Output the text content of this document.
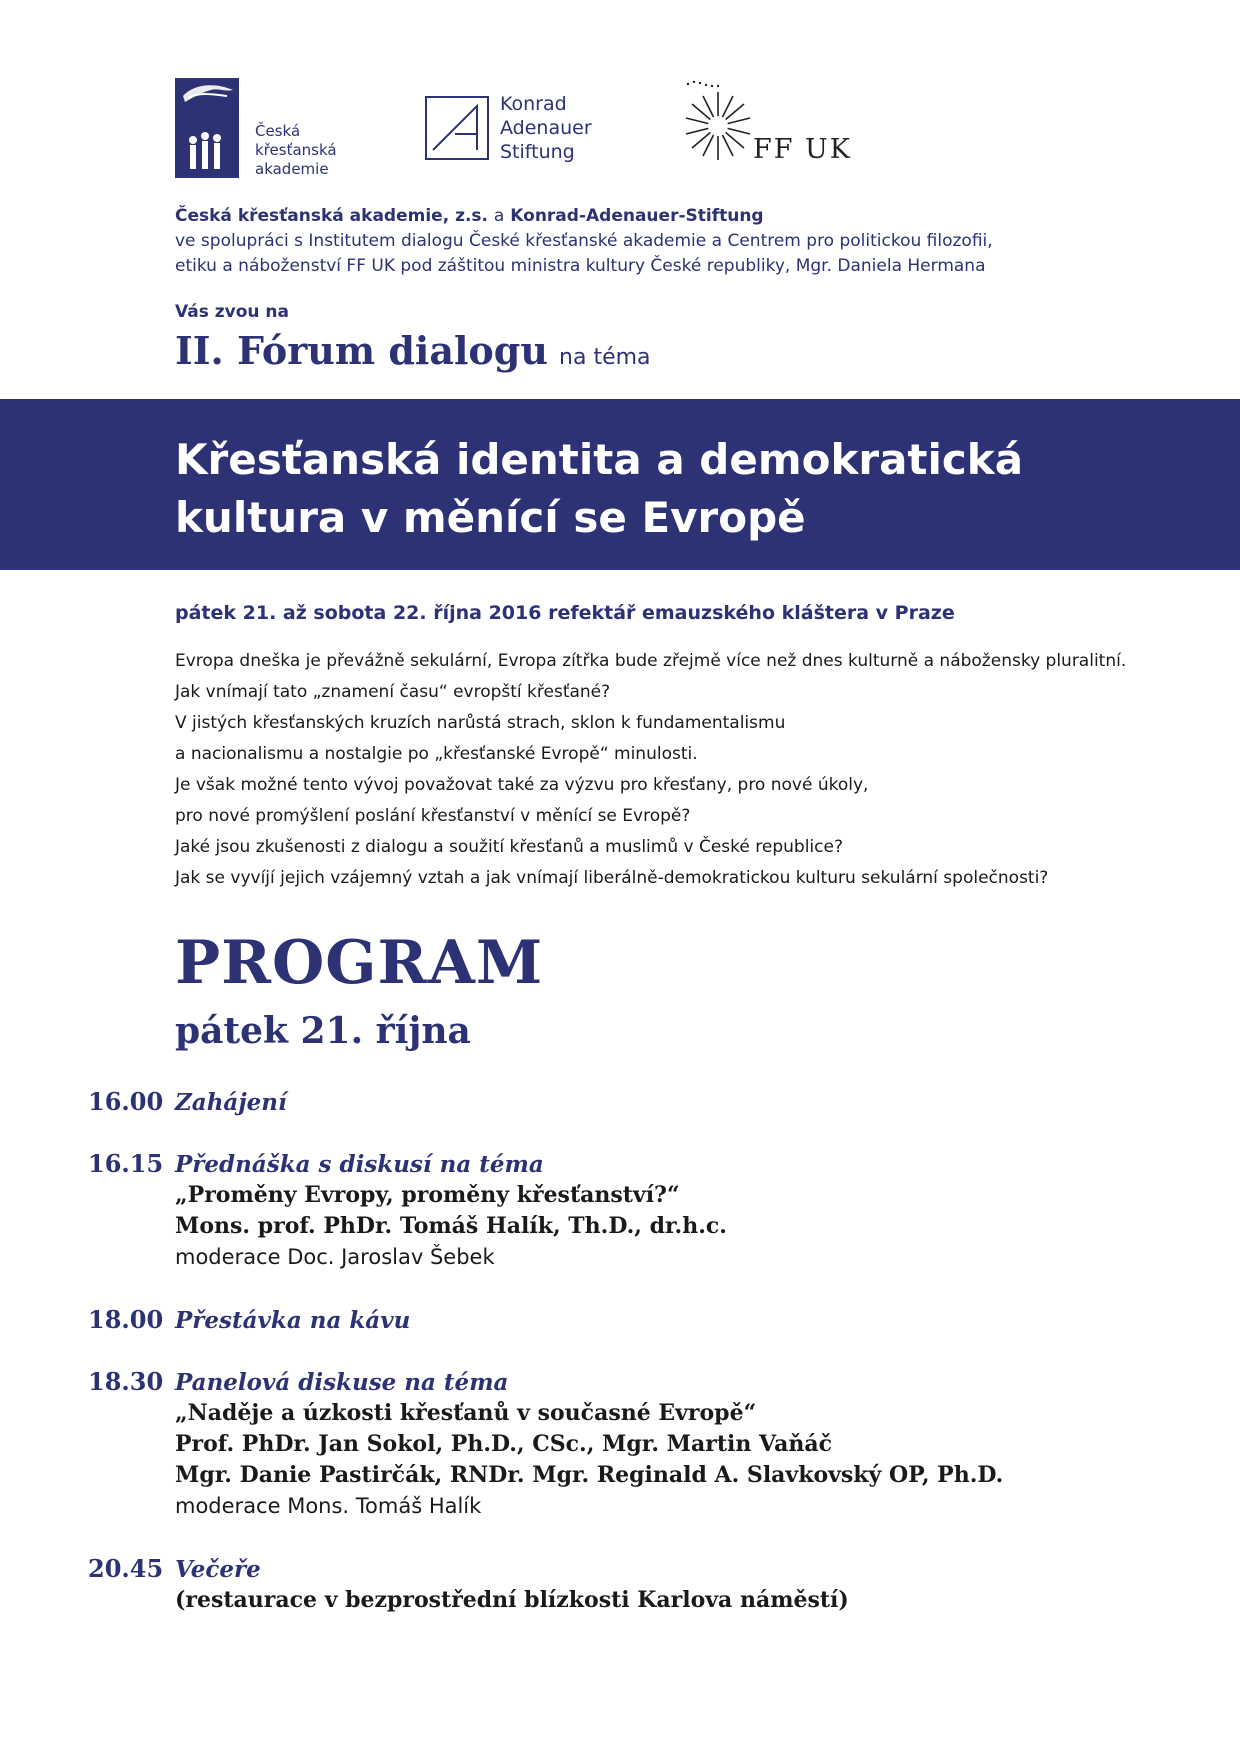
Česká
křesťanská
akademie
Konrad
Adenauer
Stiftung	FF UK
Česká křesťanská akademie, z.s. a Konrad-Adenauer-Stiftung
ve spolupráci s Institutem dialogu České křesťanské akademie a Centrem pro politickou filozofii,
etiku a náboženství FF UK pod záštitou ministra kultury České republiky, Mgr. Daniela Hermana
Vás zvou na
II. Fórum dialogu na téma
Křesťanská identita a demokratická
kultura v měnící se Evropě
pátek 21. až sobota 22. října 2016 refektář emauzského kláštera v Praze
Evropa dneška je převážně sekulární, Evropa zítřka bude zřejmě více než dnes kulturně a nábožensky pluralitní.
Jak vnímají tato „znamení času“ evropští křesťané?
V jistých křesťanských kruzích narůstá strach, sklon k fundamentalismu
a nacionalismu a nostalgie po „křesťanské Evropě“ minulosti.
Je však možné tento vývoj považovat také za výzvu pro křesťany, pro nové úkoly,
pro nové promýšlení poslání křesťanství v měnící se Evropě?
Jaké jsou zkušenosti z dialogu a soužití křesťanů a muslimů v České republice?
Jak se vyvíjí jejich vzájemný vztah a jak vnímají liberálně-demokratickou kulturu sekulární společnosti?
PROGRAM
pátek 21. října
16.00 Zahájení
16.15 Přednáška s diskusí na téma
„Proměny Evropy, proměny křesťanství?“
Mons. prof. PhDr. Tomáš Halík, Th.D., dr.h.c.
moderace Doc. Jaroslav Šebek
18.00 Přestávka na kávu
18.30 Panelová diskuse na téma
„Naděje a úzkosti křesťanů v současné Evropě“
Prof. PhDr. Jan Sokol, Ph.D., CSc., Mgr. Martin Vaňáč
Mgr. Danie Pastirčák, RNDr. Mgr. Reginald A. Slavkovský OP, Ph.D.
moderace Mons. Tomáš Halík
20.45 Večeře
(restaurace v bezprostřední blízkosti Karlova náměstí)
